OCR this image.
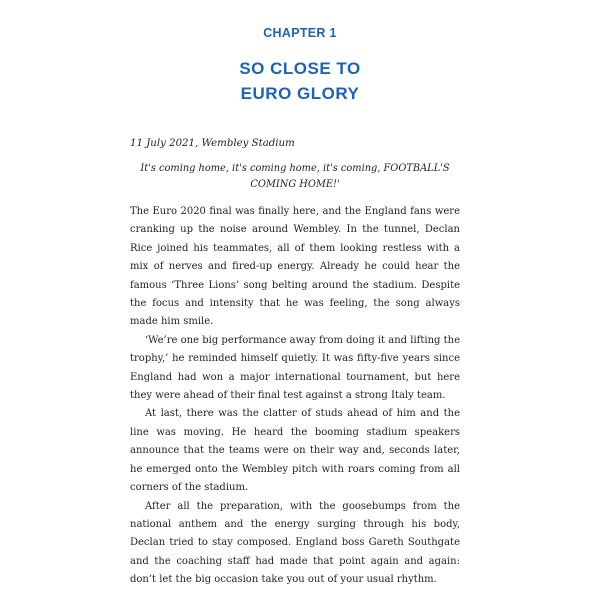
CHAPTER 1
SO CLOSE TO
EURO GLORY
11 July 2021, Wembley Stadium
It's coming home, it's coming home, it's coming, FOOTBALL'S COMING HOME!'

The Euro 2020 final was finally here, and the England fans were cranking up the noise around Wembley. In the tunnel, Declan Rice joined his teammates, all of them looking restless with a mix of nerves and fired-up energy. Already he could hear the famous ‘Three Lions’ song belting around the stadium. Despite the focus and intensity that he was feeling, the song always made him smile.

‘We’re one big performance away from doing it and lifting the trophy,’ he reminded himself quietly. It was fifty-five years since England had won a major international tournament, but here they were ahead of their final test against a strong Italy team.

At last, there was the clatter of studs ahead of him and the line was moving. He heard the booming stadium speakers announce that the teams were on their way and, seconds later, he emerged onto the Wembley pitch with roars coming from all corners of the stadium.

After all the preparation, with the goosebumps from the national anthem and the energy surging through his body, Declan tried to stay composed. England boss Gareth Southgate and the coaching staff had made that point again and again: don’t let the big occasion take you out of your usual rhythm.
